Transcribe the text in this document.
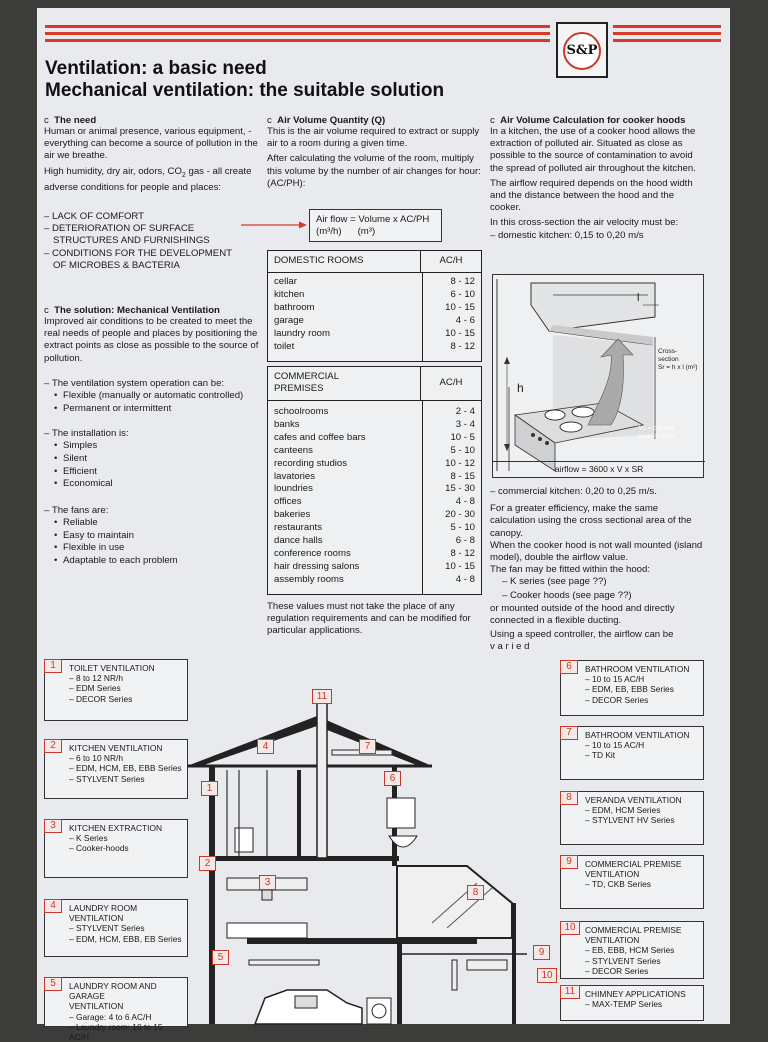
S&P
Ventilation: a basic need
Mechanical ventilation: the suitable solution
c  The need
Human or animal presence, various equipment, -everything can become a source of pollution in the air we breathe.
High humidity, dry air, odors, $CO_2$ gas - all create adverse conditions for people and places:
– LACK OF COMFORT
– DETERIORATION OF SURFACE
STRUCTURES AND FURNISHINGS
– CONDITIONS FOR THE DEVELOPMENT
OF MICROBES & BACTERIA
c  The solution: Mechanical Ventilation
Improved air conditions to be created to meet the real needs of people and places by positioning the extract points as close as possible to the source of pollution.
– The ventilation system operation can be:
• Flexible (manually or automatic controlled)
• Permanent or intermittent
– The installation is:
• Simples
• Silent
• Efficient
• Economical
– The fans are:
• Reliable
• Easy to maintain
• Flexible in use
• Adaptable to each problem
c  Air Volume Quantity (Q)
This is the air volume required to extract or supply air to a room during a given time.
After calculating the volume of the room, multiply this volume by the number of air changes for hour: (AC/PH):
Air flow = Volume x AC/PH
(m³/h)      (m³)
DOMESTIC ROOMS	AC/H
cellar	8 - 12
kitchen	6 - 10
bathroom	10 - 15
garage	4 - 6
laundry room	10 - 15
toilet	8 - 12
COMMERCIAL
PREMISES
AC/H
schoolrooms	2 - 4
banks	3 - 4
cafes and coffee bars	10 - 5
canteens	5 - 10
recording studios	10 - 12
lavatories	8 - 15
loundries	15 - 30
offices	4 - 8
bakeries	20 - 30
restaurants	5 - 10
dance halls	6 - 8
conference rooms	8 - 12
hair dressing salons	10 - 15
assembly rooms	4 - 8
These values must not take the place of any regulation requirements and can be modified for particular applications.
c  Air Volume Calculation for cooker hoods
In a kitchen, the use of a cooker hood allows the extraction of polluted air. Situated as close as possible to the source of contamination to avoid the spread of polluted air throughout the kitchen.
The airflow required depends on the hood width and the distance between the hood and the cooker.
In this cross-section the air velocity must be:
– domestic kitchen: 0,15 to 0,20 m/s
l
h
Cross-
section
Sr = h x l (m²)
Vc = capture
velocity (m/s)
airflow = 3600 x V x SR
– commercial kitchen: 0,20 to 0,25 m/s.
For a greater efficiency, make the same calculation using the cross sectional area of the canopy.
When the cooker hood is not wall mounted (island model), double the airflow value.
The fan may be fitted within the hood:
– K series (see page ??)
– Cooker hoods (see page ??)
or mounted outside of the hood and directly connected in a flexible ducting.
Using a speed controller, the airflow can be
v a r i e d
1
2
3
4
5
6
7
8
9
10
11
1	TOILET VENTILATION
– 8 to 12 NR/h
– EDM Series
– DECOR Series
2	KITCHEN VENTILATION
– 6 to 10 NR/h
– EDM, HCM, EB, EBB Series
– STYLVENT Series
3	KITCHEN EXTRACTION
– K Series
– Cooker-hoods
4	LAUNDRY ROOM
VENTILATION
– STYLVENT Series
– EDM, HCM, EBB, EB Series
5	LAUNDRY ROOM AND GARAGE
VENTILATION
– Garage: 4 to 6 AC/H
– Laundry room: 10 to 15 AC/H
6	BATHROOM VENTILATION
– 10 to 15 AC/H
– EDM, EB, EBB Series
– DECOR Series
7	BATHROOM VENTILATION
– 10 to 15 AC/H
– TD Kit
8	VERANDA VENTILATION
– EDM, HCM Series
– STYLVENT HV Series
9	COMMERCIAL PREMISE
VENTILATION
– TD, CKB Series
10	COMMERCIAL PREMISE
VENTILATION
– EB, EBB, HCM Series
– STYLVENT Series
– DECOR Series
11	CHIMNEY APPLICATIONS
– MAX-TEMP Series
